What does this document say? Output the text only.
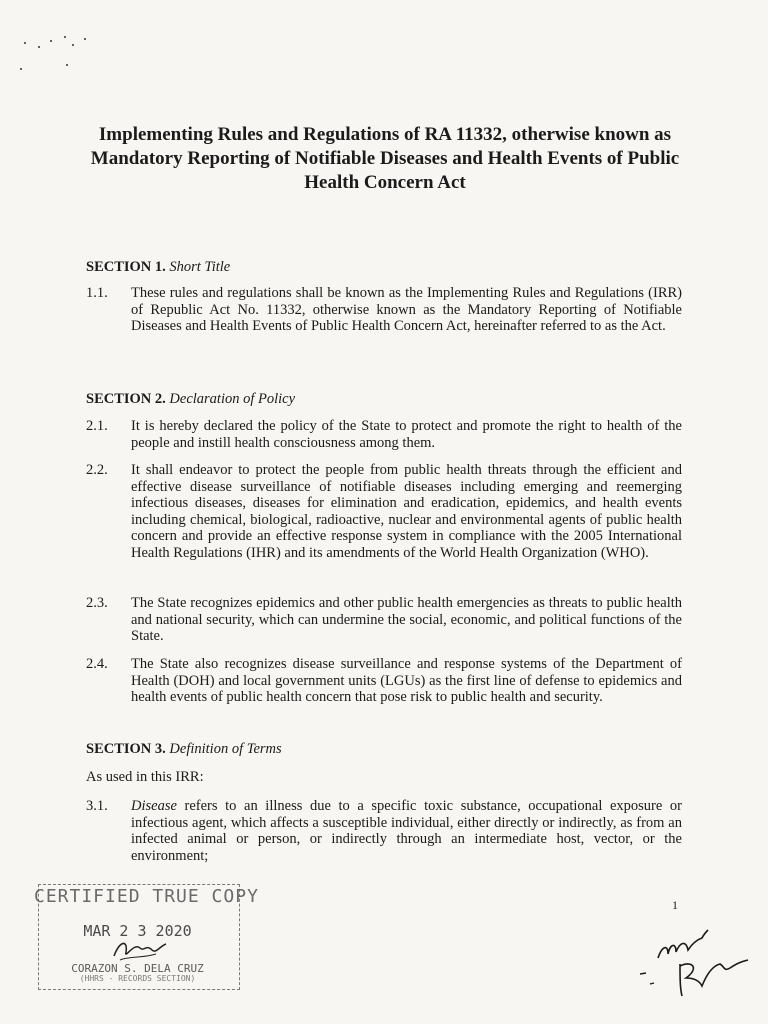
Implementing Rules and Regulations of RA 11332, otherwise known as Mandatory Reporting of Notifiable Diseases and Health Events of Public Health Concern Act
SECTION 1. Short Title
1.1. These rules and regulations shall be known as the Implementing Rules and Regulations (IRR) of Republic Act No. 11332, otherwise known as the Mandatory Reporting of Notifiable Diseases and Health Events of Public Health Concern Act, hereinafter referred to as the Act.
SECTION 2. Declaration of Policy
2.1. It is hereby declared the policy of the State to protect and promote the right to health of the people and instill health consciousness among them.
2.2. It shall endeavor to protect the people from public health threats through the efficient and effective disease surveillance of notifiable diseases including emerging and reemerging infectious diseases, diseases for elimination and eradication, epidemics, and health events including chemical, biological, radioactive, nuclear and environmental agents of public health concern and provide an effective response system in compliance with the 2005 International Health Regulations (IHR) and its amendments of the World Health Organization (WHO).
2.3. The State recognizes epidemics and other public health emergencies as threats to public health and national security, which can undermine the social, economic, and political functions of the State.
2.4. The State also recognizes disease surveillance and response systems of the Department of Health (DOH) and local government units (LGUs) as the first line of defense to epidemics and health events of public health concern that pose risk to public health and security.
SECTION 3. Definition of Terms
As used in this IRR:
3.1. Disease refers to an illness due to a specific toxic substance, occupational exposure or infectious agent, which affects a susceptible individual, either directly or indirectly, as from an infected animal or person, or indirectly through an intermediate host, vector, or the environment;
CERTIFIED TRUE COPY
MAR 2 3 2020
CORAZON S. DELA CRUZ
(HHRS - RECORDS SECTION)
1
